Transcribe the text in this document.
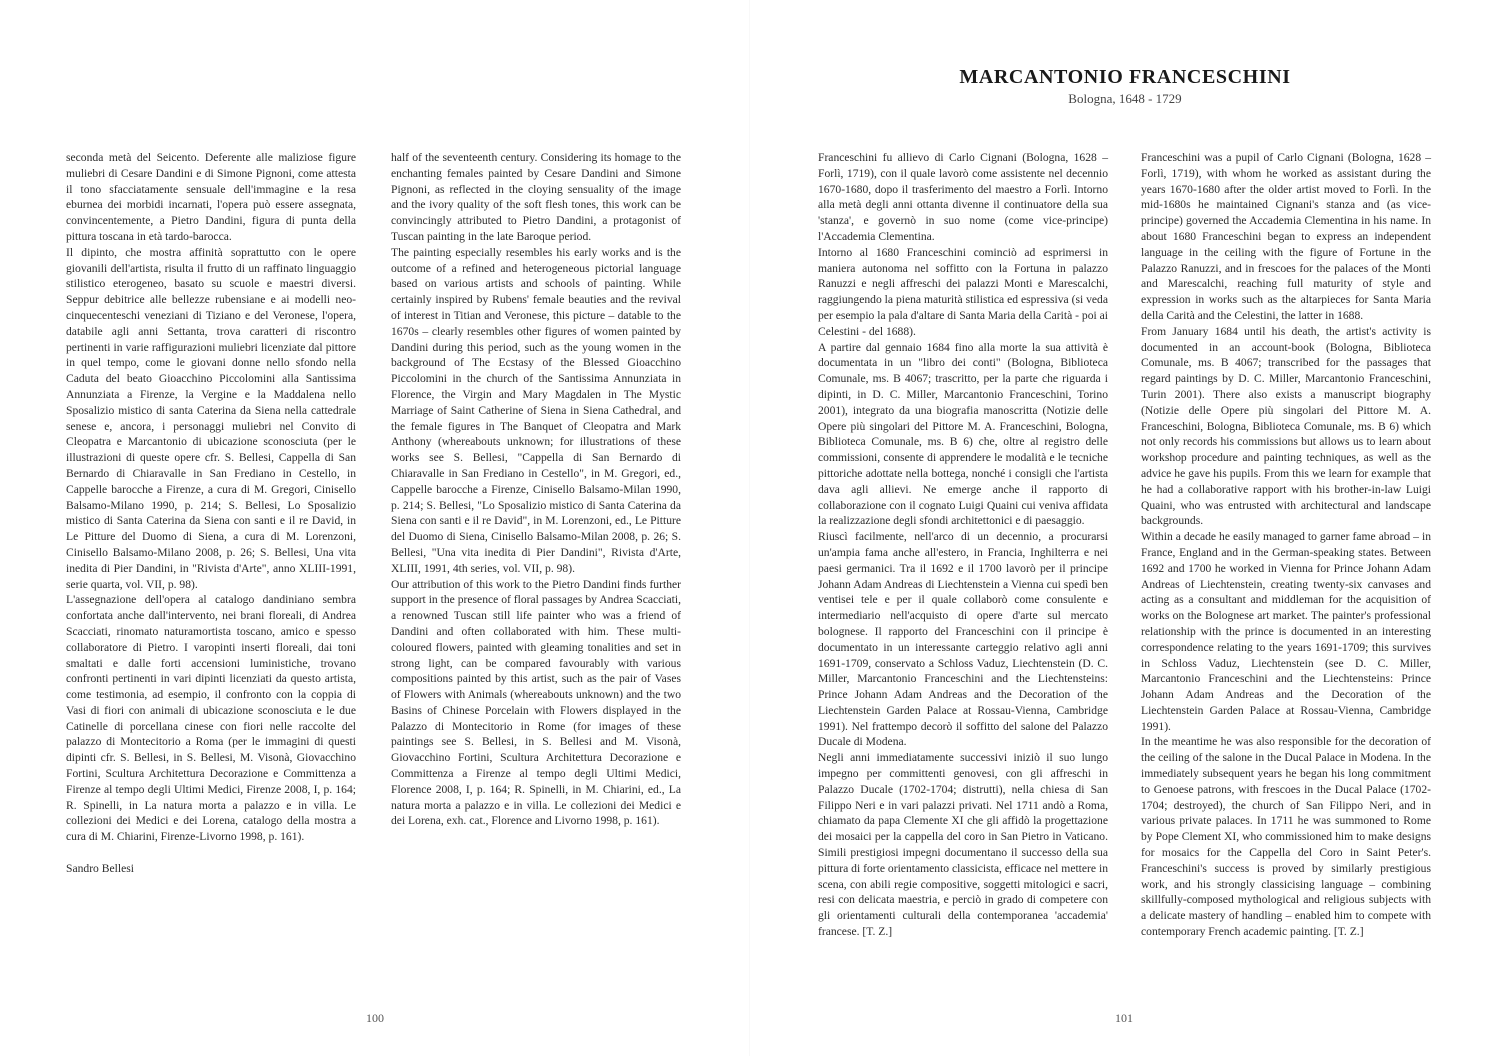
MARCANTONIO FRANCESCHINI
Bologna, 1648 - 1729

seconda metà del Seicento. Deferente alle maliziose figure muliebri di Cesare Dandini e di Simone Pignoni, come attesta il tono sfacciatamente sensuale dell'immagine e la resa eburnea dei morbidi incarnati, l'opera può essere assegnata, convincentemente, a Pietro Dandini, figura di punta della pittura toscana in età tardo-barocca.

Il dipinto, che mostra affinità soprattutto con le opere giovanili dell'artista, risulta il frutto di un raffinato linguaggio stilistico eterogeneo, basato su scuole e maestri diversi. Seppur debitrice alle bellezze rubensiane e ai modelli neo-cinquecenteschi veneziani di Tiziano e del Veronese, l'opera, databile agli anni Settanta, trova caratteri di riscontro pertinenti in varie raffigurazioni muliebri licenziate dal pittore in quel tempo, come le giovani donne nello sfondo nella Caduta del beato Gioacchino Piccolomini alla Santissima Annunziata a Firenze, la Vergine e la Maddalena nello Sposalizio mistico di santa Caterina da Siena nella cattedrale senese e, ancora, i personaggi muliebri nel Convito di Cleopatra e Marcantonio di ubicazione sconosciuta (per le illustrazioni di queste opere cfr. S. Bellesi, Cappella di San Bernardo di Chiaravalle in San Frediano in Cestello, in Cappelle barocche a Firenze, a cura di M. Gregori, Cinisello Balsamo-Milano 1990, p. 214; S. Bellesi, Lo Sposalizio mistico di Santa Caterina da Siena con santi e il re David, in Le Pitture del Duomo di Siena, a cura di M. Lorenzoni, Cinisello Balsamo-Milano 2008, p. 26; S. Bellesi, Una vita inedita di Pier Dandini, in "Rivista d'Arte", anno XLIII-1991, serie quarta, vol. VII, p. 98).

L'assegnazione dell'opera al catalogo dandiniano sembra confortata anche dall'intervento, nei brani floreali, di Andrea Scacciati, rinomato naturamortista toscano, amico e spesso collaboratore di Pietro. I varopinti inserti floreali, dai toni smaltati e dalle forti accensioni luministiche, trovano confronti pertinenti in vari dipinti licenziati da questo artista, come testimonia, ad esempio, il confronto con la coppia di Vasi di fiori con animali di ubicazione sconosciuta e le due Catinelle di porcellana cinese con fiori nelle raccolte del palazzo di Montecitorio a Roma (per le immagini di questi dipinti cfr. S. Bellesi, in S. Bellesi, M. Visonà, Giovacchino Fortini, Scultura Architettura Decorazione e Committenza a Firenze al tempo degli Ultimi Medici, Firenze 2008, I, p. 164; R. Spinelli, in La natura morta a palazzo e in villa. Le collezioni dei Medici e dei Lorena, catalogo della mostra a cura di M. Chiarini, Firenze-Livorno 1998, p. 161).

Sandro Bellesi

half of the seventeenth century. Considering its homage to the enchanting females painted by Cesare Dandini and Simone Pignoni, as reflected in the cloying sensuality of the image and the ivory quality of the soft flesh tones, this work can be convincingly attributed to Pietro Dandini, a protagonist of Tuscan painting in the late Baroque period.

The painting especially resembles his early works and is the outcome of a refined and heterogeneous pictorial language based on various artists and schools of painting. While certainly inspired by Rubens' female beauties and the revival of interest in Titian and Veronese, this picture – datable to the 1670s – clearly resembles other figures of women painted by Dandini during this period, such as the young women in the background of The Ecstasy of the Blessed Gioacchino Piccolomini in the church of the Santissima Annunziata in Florence, the Virgin and Mary Magdalen in The Mystic Marriage of Saint Catherine of Siena in Siena Cathedral, and the female figures in The Banquet of Cleopatra and Mark Anthony (whereabouts unknown; for illustrations of these works see S. Bellesi, "Cappella di San Bernardo di Chiaravalle in San Frediano in Cestello", in M. Gregori, ed., Cappelle barocche a Firenze, Cinisello Balsamo-Milan 1990, p. 214; S. Bellesi, "Lo Sposalizio mistico di Santa Caterina da Siena con santi e il re David", in M. Lorenzoni, ed., Le Pitture del Duomo di Siena, Cinisello Balsamo-Milan 2008, p. 26; S. Bellesi, "Una vita inedita di Pier Dandini", Rivista d'Arte, XLIII, 1991, 4th series, vol. VII, p. 98).

Our attribution of this work to the Pietro Dandini finds further support in the presence of floral passages by Andrea Scacciati, a renowned Tuscan still life painter who was a friend of Dandini and often collaborated with him. These multi-coloured flowers, painted with gleaming tonalities and set in strong light, can be compared favourably with various compositions painted by this artist, such as the pair of Vases of Flowers with Animals (whereabouts unknown) and the two Basins of Chinese Porcelain with Flowers displayed in the Palazzo di Montecitorio in Rome (for images of these paintings see S. Bellesi, in S. Bellesi and M. Visonà, Giovacchino Fortini, Scultura Architettura Decorazione e Committenza a Firenze al tempo degli Ultimi Medici, Florence 2008, I, p. 164; R. Spinelli, in M. Chiarini, ed., La natura morta a palazzo e in villa. Le collezioni dei Medici e dei Lorena, exh. cat., Florence and Livorno 1998, p. 161).

Franceschini fu allievo di Carlo Cignani (Bologna, 1628 – Forlì, 1719), con il quale lavorò come assistente nel decennio 1670-1680, dopo il trasferimento del maestro a Forlì. Intorno alla metà degli anni ottanta divenne il continuatore della sua 'stanza', e governò in suo nome (come vice-principe) l'Accademia Clementina.

Intorno al 1680 Franceschini cominciò ad esprimersi in maniera autonoma nel soffitto con la Fortuna in palazzo Ranuzzi e negli affreschi dei palazzi Monti e Marescalchi, raggiungendo la piena maturità stilistica ed espressiva (si veda per esempio la pala d'altare di Santa Maria della Carità - poi ai Celestini - del 1688).

A partire dal gennaio 1684 fino alla morte la sua attività è documentata in un "libro dei conti" (Bologna, Biblioteca Comunale, ms. B 4067; trascritto, per la parte che riguarda i dipinti, in D. C. Miller, Marcantonio Franceschini, Torino 2001), integrato da una biografia manoscritta (Notizie delle Opere più singolari del Pittore M. A. Franceschini, Bologna, Biblioteca Comunale, ms. B 6) che, oltre al registro delle commissioni, consente di apprendere le modalità e le tecniche pittoriche adottate nella bottega, nonché i consigli che l'artista dava agli allievi. Ne emerge anche il rapporto di collaborazione con il cognato Luigi Quaini cui veniva affidata la realizzazione degli sfondi architettonici e di paesaggio.

Riuscì facilmente, nell'arco di un decennio, a procurarsi un'ampia fama anche all'estero, in Francia, Inghilterra e nei paesi germanici. Tra il 1692 e il 1700 lavorò per il principe Johann Adam Andreas di Liechtenstein a Vienna cui spedì ben ventisei tele e per il quale collaborò come consulente e intermediario nell'acquisto di opere d'arte sul mercato bolognese. Il rapporto del Franceschini con il principe è documentato in un interessante carteggio relativo agli anni 1691-1709, conservato a Schloss Vaduz, Liechtenstein (D. C. Miller, Marcantonio Franceschini and the Liechtensteins: Prince Johann Adam Andreas and the Decoration of the Liechtenstein Garden Palace at Rossau-Vienna, Cambridge 1991). Nel frattempo decorò il soffitto del salone del Palazzo Ducale di Modena.

Negli anni immediatamente successivi iniziò il suo lungo impegno per committenti genovesi, con gli affreschi in Palazzo Ducale (1702-1704; distrutti), nella chiesa di San Filippo Neri e in vari palazzi privati. Nel 1711 andò a Roma, chiamato da papa Clemente XI che gli affidò la progettazione dei mosaici per la cappella del coro in San Pietro in Vaticano. Simili prestigiosi impegni documentano il successo della sua pittura di forte orientamento classicista, efficace nel mettere in scena, con abili regie compositive, soggetti mitologici e sacri, resi con delicata maestria, e perciò in grado di competere con gli orientamenti culturali della contemporanea 'accademia' francese. [T. Z.]

Franceschini was a pupil of Carlo Cignani (Bologna, 1628 – Forlì, 1719), with whom he worked as assistant during the years 1670-1680 after the older artist moved to Forlì. In the mid-1680s he maintained Cignani's stanza and (as vice-principe) governed the Accademia Clementina in his name. In about 1680 Franceschini began to express an independent language in the ceiling with the figure of Fortune in the Palazzo Ranuzzi, and in frescoes for the palaces of the Monti and Marescalchi, reaching full maturity of style and expression in works such as the altarpieces for Santa Maria della Carità and the Celestini, the latter in 1688.

From January 1684 until his death, the artist's activity is documented in an account-book (Bologna, Biblioteca Comunale, ms. B 4067; transcribed for the passages that regard paintings by D. C. Miller, Marcantonio Franceschini, Turin 2001). There also exists a manuscript biography (Notizie delle Opere più singolari del Pittore M. A. Franceschini, Bologna, Biblioteca Comunale, ms. B 6) which not only records his commissions but allows us to learn about workshop procedure and painting techniques, as well as the advice he gave his pupils. From this we learn for example that he had a collaborative rapport with his brother-in-law Luigi Quaini, who was entrusted with architectural and landscape backgrounds.

Within a decade he easily managed to garner fame abroad – in France, England and in the German-speaking states. Between 1692 and 1700 he worked in Vienna for Prince Johann Adam Andreas of Liechtenstein, creating twenty-six canvases and acting as a consultant and middleman for the acquisition of works on the Bolognese art market. The painter's professional relationship with the prince is documented in an interesting correspondence relating to the years 1691-1709; this survives in Schloss Vaduz, Liechtenstein (see D. C. Miller, Marcantonio Franceschini and the Liechtensteins: Prince Johann Adam Andreas and the Decoration of the Liechtenstein Garden Palace at Rossau-Vienna, Cambridge 1991).

In the meantime he was also responsible for the decoration of the ceiling of the salone in the Ducal Palace in Modena. In the immediately subsequent years he began his long commitment to Genoese patrons, with frescoes in the Ducal Palace (1702-1704; destroyed), the church of San Filippo Neri, and in various private palaces. In 1711 he was summoned to Rome by Pope Clement XI, who commissioned him to make designs for mosaics for the Cappella del Coro in Saint Peter's. Franceschini's success is proved by similarly prestigious work, and his strongly classicising language – combining skillfully-composed mythological and religious subjects with a delicate mastery of handling – enabled him to compete with contemporary French academic painting. [T. Z.]

100	101
